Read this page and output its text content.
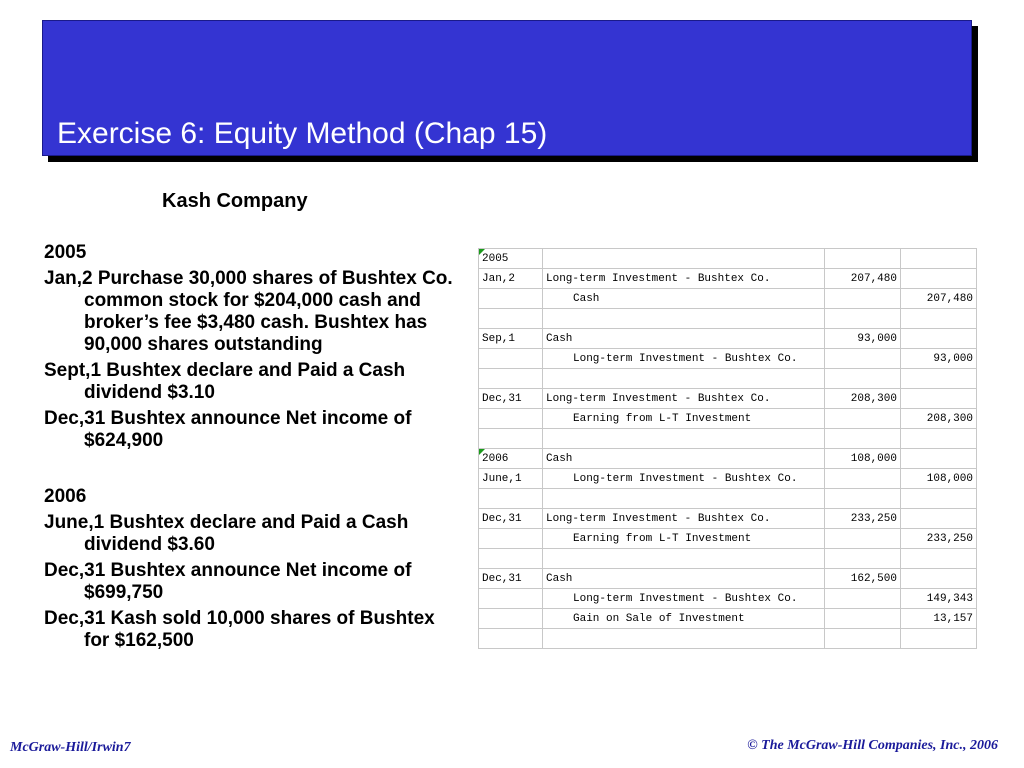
Exercise 6: Equity Method (Chap 15)
Kash Company
2005
Jan,2 Purchase 30,000 shares of Bushtex Co. common stock for $204,000 cash and broker’s fee $3,480 cash. Bushtex has 90,000 shares outstanding
Sept,1 Bushtex declare and Paid a Cash dividend $3.10
Dec,31 Bushtex announce Net income of $624,900
2006
June,1 Bushtex declare and Paid a Cash dividend $3.60
Dec,31 Bushtex announce Net income of $699,750
Dec,31 Kash sold 10,000 shares of Bushtex for $162,500
2005

Jan,2	Long-term Investment - Bushtex Co.	207,480	
	Cash		207,480

Sep,1	Cash	93,000	
	Long-term Investment - Bushtex Co.		93,000

Dec,31	Long-term Investment - Bushtex Co.	208,300	
	Earning from L-T Investment		208,300

2006	Cash	108,000	
June,1	Long-term Investment - Bushtex Co.		108,000

Dec,31	Long-term Investment - Bushtex Co.	233,250	
	Earning from L-T Investment		233,250

Dec,31	Cash	162,500	
	Long-term Investment - Bushtex Co.		149,343
	Gain on Sale of Investment		13,157

McGraw-Hill/Irwin7	© The McGraw-Hill Companies, Inc., 2006
